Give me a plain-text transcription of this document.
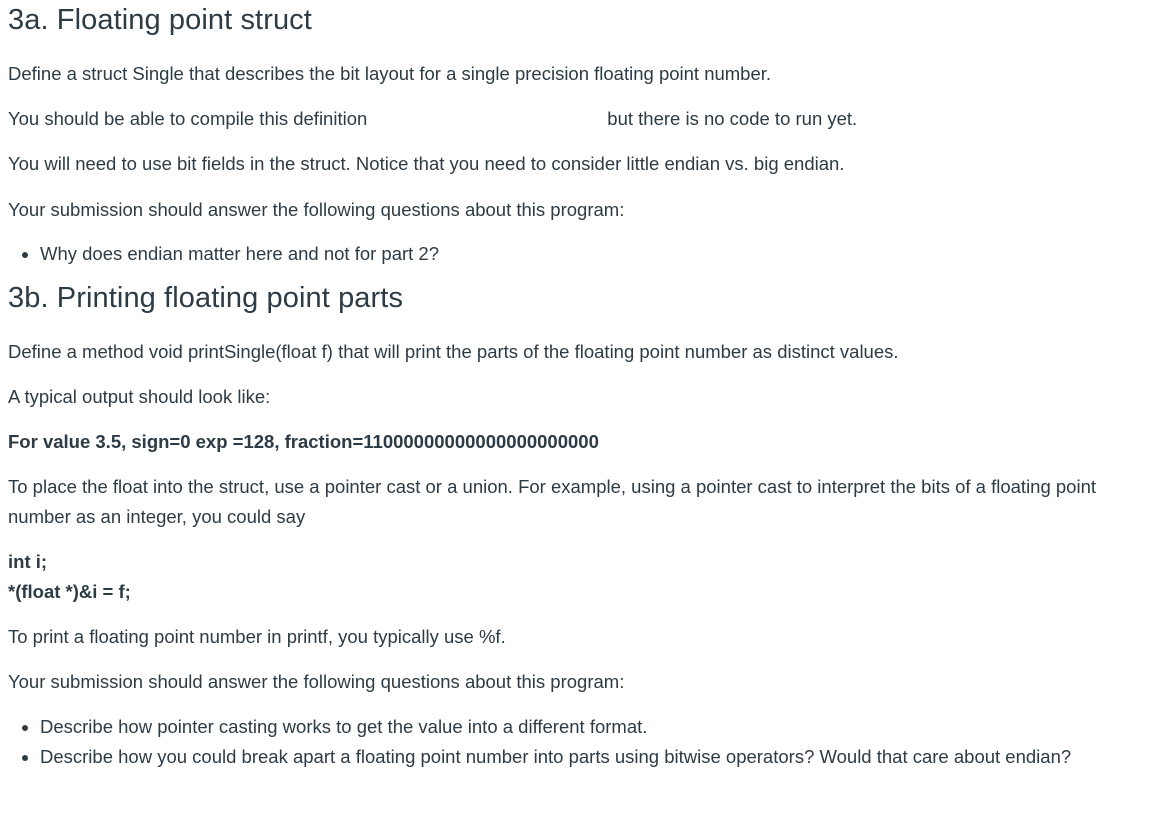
3a. Floating point struct

Define a struct Single that describes the bit layout for a single precision floating point number.

You should be able to compile this definition	but there is no code to run yet.

You will need to use bit fields in the struct. Notice that you need to consider little endian vs. big endian.

Your submission should answer the following questions about this program:

• Why does endian matter here and not for part 2?
3b. Printing floating point parts

Define a method void printSingle(float f) that will print the parts of the floating point number as distinct values.

A typical output should look like:

For value 3.5, sign=0 exp =128, fraction=11000000000000000000000

To place the float into the struct, use a pointer cast or a union. For example, using a pointer cast to interpret the bits of a floating point number as an integer, you could say

int i;

*(float *)&i = f;

To print a floating point number in printf, you typically use %f.

Your submission should answer the following questions about this program:

• Describe how pointer casting works to get the value into a different format.
• Describe how you could break apart a floating point number into parts using bitwise operators? Would that care about endian?
